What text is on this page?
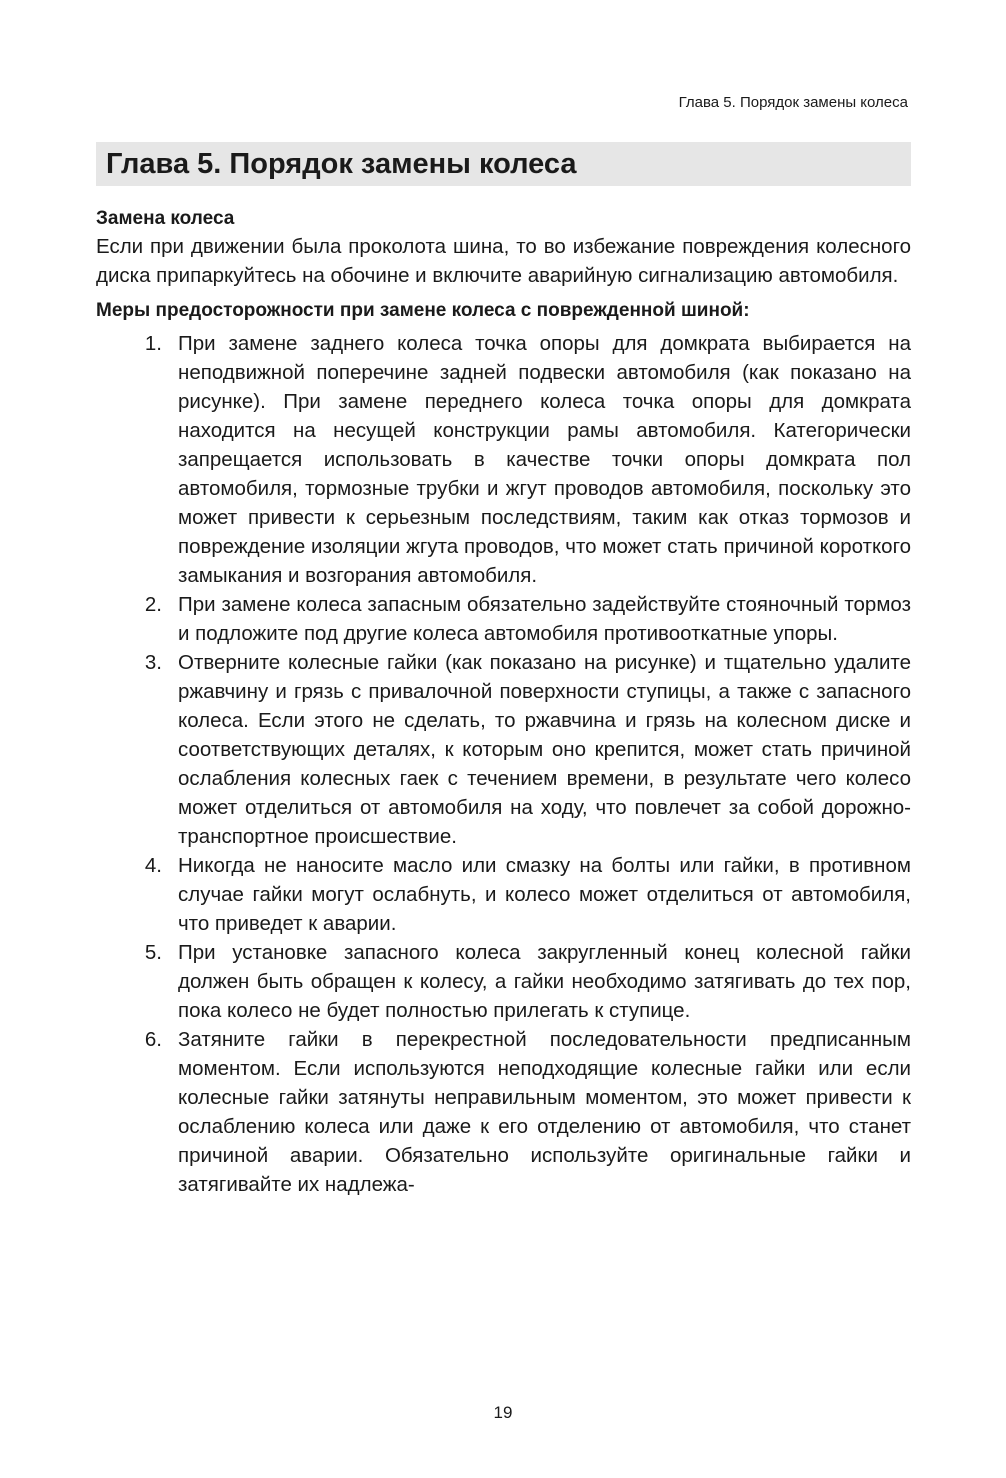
Глава 5. Порядок замены колеса
Глава 5. Порядок замены колеса

Замена колеса

Если при движении была проколота шина, то во избежание повреждения колесного диска припаркуйтесь на обочине и включите аварийную сигнализацию автомобиля.

Меры предосторожности при замене колеса с поврежденной шиной:

1. При замене заднего колеса точка опоры для домкрата выбирается на неподвижной поперечине задней подвески автомобиля (как показано на рисунке). При замене переднего колеса точка опоры для домкрата находится на несущей конструкции рамы автомобиля. Категорически запрещается использовать в качестве точки опоры домкрата пол автомобиля, тормозные трубки и жгут проводов автомобиля, поскольку это может привести к серьезным последствиям, таким как отказ тормозов и повреждение изоляции жгута проводов, что может стать причиной короткого замыкания и возгорания автомобиля.
2. При замене колеса запасным обязательно задействуйте стояночный тормоз и подложите под другие колеса автомобиля противооткатные упоры.
3. Отверните колесные гайки (как показано на рисунке) и тщательно удалите ржавчину и грязь с привалочной поверхности ступицы, а также с запасного колеса. Если этого не сделать, то ржавчина и грязь на колесном диске и соответствующих деталях, к которым оно крепится, может стать причиной ослабления колесных гаек с течением времени, в результате чего колесо может отделиться от автомобиля на ходу, что повлечет за собой дорожно-транспортное происшествие.
4. Никогда не наносите масло или смазку на болты или гайки, в противном случае гайки могут ослабнуть, и колесо может отделиться от автомобиля, что приведет к аварии.
5. При установке запасного колеса закругленный конец колесной гайки должен быть обращен к колесу, а гайки необходимо затягивать до тех пор, пока колесо не будет полностью прилегать к ступице.
6. Затяните гайки в перекрестной последовательности предписанным моментом. Если используются неподходящие колесные гайки или если колесные гайки затянуты неправильным моментом, это может привести к ослаблению колеса или даже к его отделению от автомобиля, что станет причиной аварии. Обязательно используйте оригинальные гайки и затягивайте их надлежа-
19
